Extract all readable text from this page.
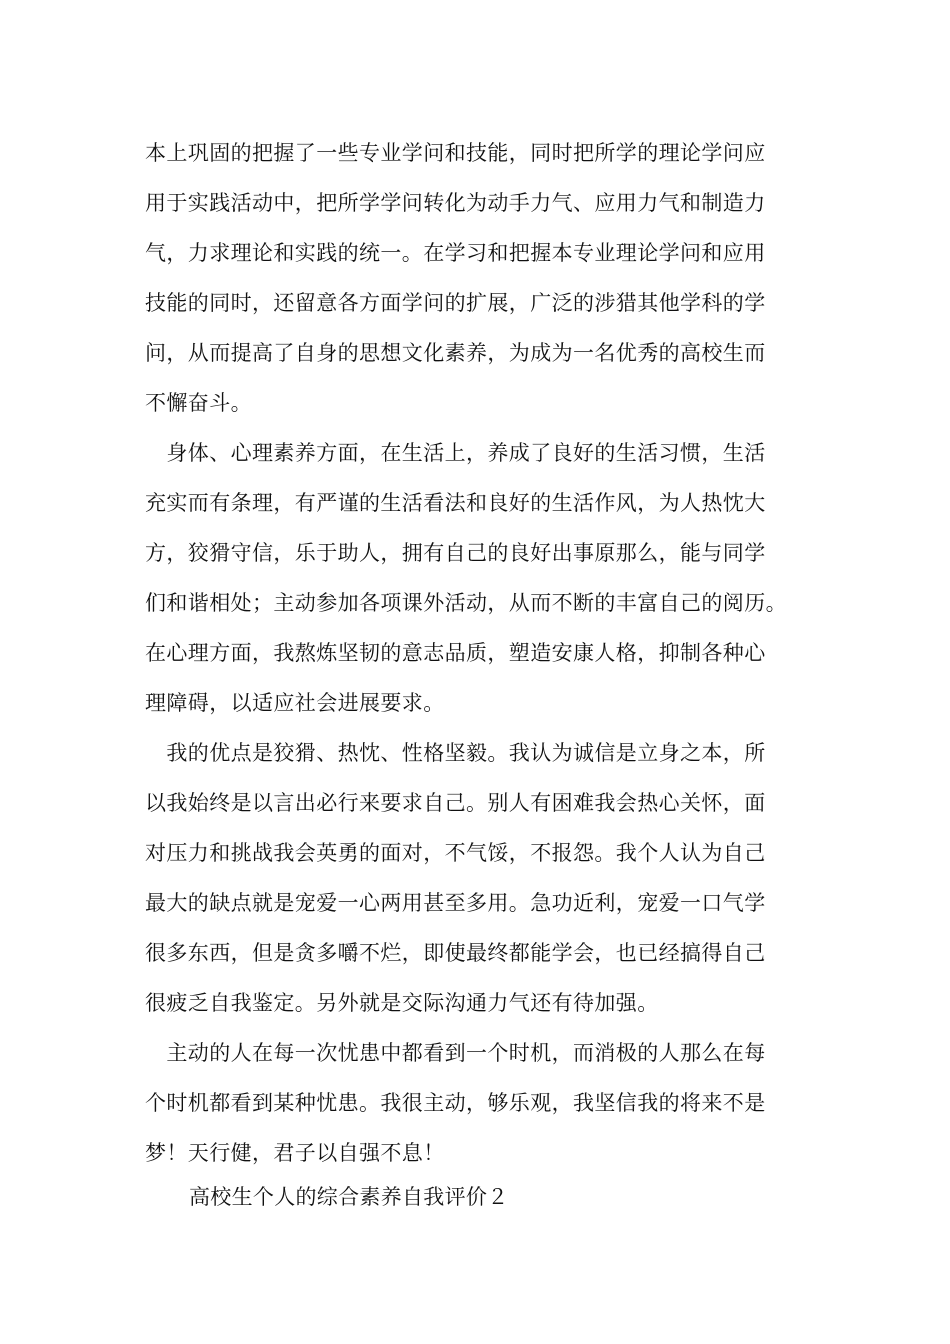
本上巩固的把握了一些专业学问和技能，同时把所学的理论学问应
用于实践活动中，把所学学问转化为动手力气、应用力气和制造力
气，力求理论和实践的统一。在学习和把握本专业理论学问和应用
技能的同时，还留意各方面学问的扩展，广泛的涉猎其他学科的学
问，从而提高了自身的思想文化素养，为成为一名优秀的高校生而
不懈奋斗。
　身体、心理素养方面，在生活上，养成了良好的生活习惯，生活
充实而有条理，有严谨的生活看法和良好的生活作风，为人热忱大
方，狡猾守信，乐于助人，拥有自己的良好出事原那么，能与同学
们和谐相处；主动参加各项课外活动，从而不断的丰富自己的阅历。
在心理方面，我熬炼坚韧的意志品质，塑造安康人格，抑制各种心
理障碍，以适应社会进展要求。
　我的优点是狡猾、热忱、性格坚毅。我认为诚信是立身之本，所
以我始终是以言出必行来要求自己。别人有困难我会热心关怀，面
对压力和挑战我会英勇的面对，不气馁，不报怨。我个人认为自己
最大的缺点就是宠爱一心两用甚至多用。急功近利，宠爱一口气学
很多东西，但是贪多嚼不烂，即使最终都能学会，也已经搞得自己
很疲乏自我鉴定。另外就是交际沟通力气还有待加强。
　主动的人在每一次忧患中都看到一个时机，而消极的人那么在每
个时机都看到某种忧患。我很主动，够乐观，我坚信我的将来不是
梦！天行健，君子以自强不息！
高校生个人的综合素养自我评价２
